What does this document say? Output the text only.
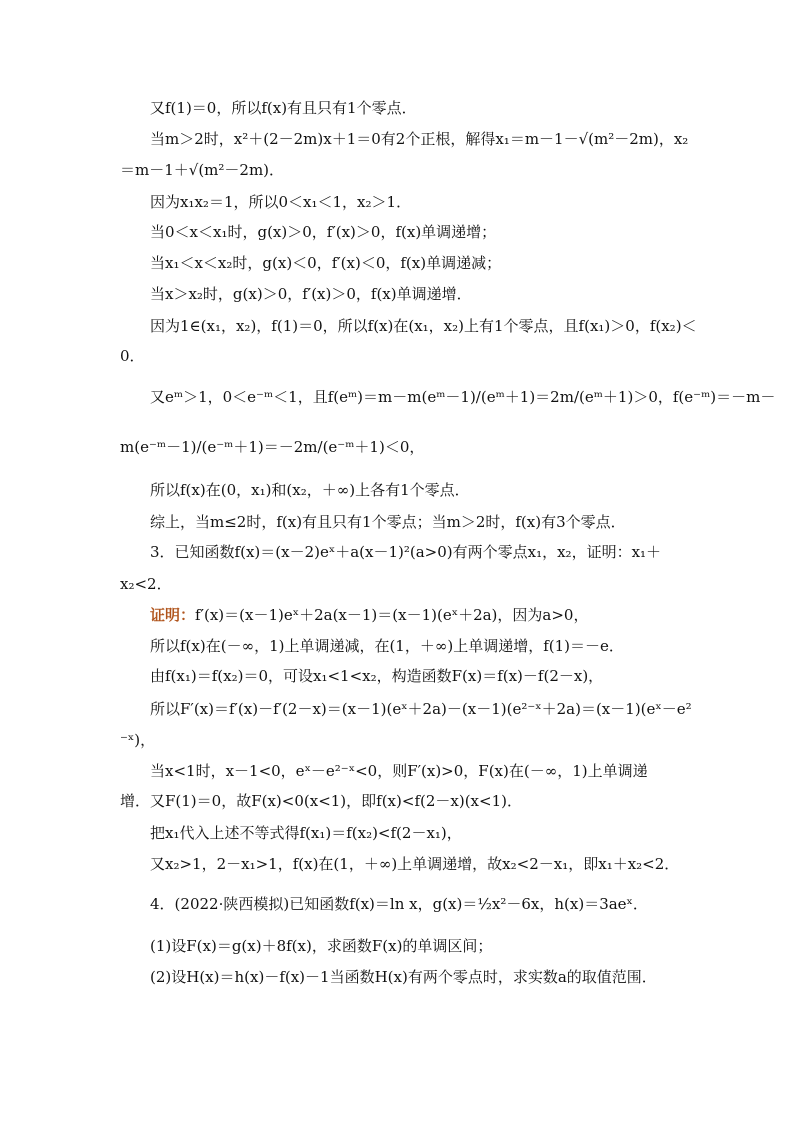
又f(1)＝0，所以f(x)有且只有1个零点．
当m＞2时，x²＋(2－2m)x＋1＝0有2个正根，解得x₁＝m－1－√(m²－2m)，x₂
＝m－1＋√(m²－2m)．
因为x₁x₂＝1，所以0＜x₁＜1，x₂＞1．
当0＜x＜x₁时，g(x)＞0，f′(x)＞0，f(x)单调递增；
当x₁＜x＜x₂时，g(x)＜0，f′(x)＜0，f(x)单调递减；
当x＞x₂时，g(x)＞0，f′(x)＞0，f(x)单调递增．
因为1∈(x₁，x₂)，f(1)＝0，所以f(x)在(x₁，x₂)上有1个零点，且f(x₁)＞0，f(x₂)＜
0．
又eᵐ＞1，0＜e⁻ᵐ＜1，且f(eᵐ)＝m－m(eᵐ－1)/(eᵐ＋1)＝2m/(eᵐ＋1)＞0，f(e⁻ᵐ)＝－m－
m(e⁻ᵐ－1)/(e⁻ᵐ＋1)＝－2m/(e⁻ᵐ＋1)＜0，
所以f(x)在(0，x₁)和(x₂，＋∞)上各有1个零点．
综上，当m≤2时，f(x)有且只有1个零点；当m＞2时，f(x)有3个零点．
3．已知函数f(x)＝(x－2)eˣ＋a(x－1)²(a>0)有两个零点x₁，x₂，证明：x₁＋
x₂<2．
证明：f′(x)＝(x－1)eˣ＋2a(x－1)＝(x－1)(eˣ＋2a)，因为a>0，
所以f(x)在(－∞，1)上单调递减，在(1，＋∞)上单调递增，f(1)＝－e．
由f(x₁)＝f(x₂)＝0，可设x₁<1<x₂，构造函数F(x)＝f(x)－f(2－x)，
所以F′(x)＝f′(x)－f′(2－x)＝(x－1)(eˣ＋2a)－(x－1)(e²⁻ˣ＋2a)＝(x－1)(eˣ－e²
⁻ˣ)，
当x<1时，x－1<0，eˣ－e²⁻ˣ<0，则F′(x)>0，F(x)在(－∞，1)上单调递
增．又F(1)＝0，故F(x)<0(x<1)，即f(x)<f(2－x)(x<1)．
把x₁代入上述不等式得f(x₁)＝f(x₂)<f(2－x₁)，
又x₂>1，2－x₁>1，f(x)在(1，＋∞)上单调递增，故x₂<2－x₁，即x₁＋x₂<2．
4．(2022·陕西模拟)已知函数f(x)＝ln x，g(x)＝½x²－6x，h(x)＝3aeˣ．
(1)设F(x)＝g(x)＋8f(x)，求函数F(x)的单调区间；
(2)设H(x)＝h(x)－f(x)－1当函数H(x)有两个零点时，求实数a的取值范围．
